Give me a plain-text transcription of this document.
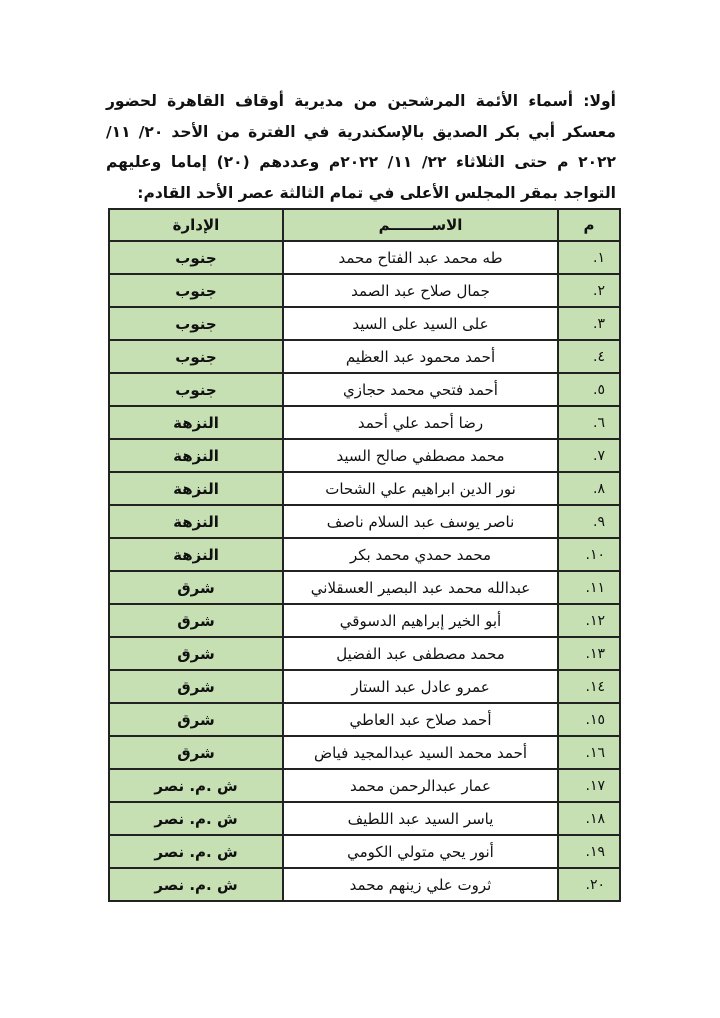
أولا: أسماء الأئمة المرشحين من مديرية أوقاف القاهرة لحضور معسكر أبي بكر الصديق بالإسكندرية في الفترة من الأحد ٢٠/ ١١/ ٢٠٢٢ م حتى الثلاثاء ٢٢/ ١١/ ٢٠٢٢م وعددهم (٢٠) إماما وعليهم التواجد بمقر المجلس الأعلى في تمام الثالثة عصر الأحد القادم:

م	الاســــــــم	الإدارة
١.	طه محمد عبد الفتاح محمد	جنوب
٢.	جمال صلاح عبد الصمد	جنوب
٣.	على السيد على السيد	جنوب
٤.	أحمد محمود عبد العظيم	جنوب
٥.	أحمد فتحي محمد حجازي	جنوب
٦.	رضا أحمد علي أحمد	النزهة
٧.	محمد مصطفي صالح السيد	النزهة
٨.	نور الدين ابراهيم علي الشحات	النزهة
٩.	ناصر يوسف عبد السلام ناصف	النزهة
١٠.	محمد حمدي محمد بكر	النزهة
١١.	عبدالله محمد عبد البصير العسقلاني	شرق
١٢.	أبو الخير إبراهيم الدسوقي	شرق
١٣.	محمد مصطفى عبد الفضيل	شرق
١٤.	عمرو عادل عبد الستار	شرق
١٥.	أحمد صلاح عبد العاطي	شرق
١٦.	أحمد محمد السيد عبدالمجيد فياض	شرق
١٧.	عمار عبدالرحمن محمد	ش .م. نصر
١٨.	ياسر السيد عبد اللطيف	ش .م. نصر
١٩.	أنور يحي متولي الكومي	ش .م. نصر
٢٠.	ثروت علي زينهم محمد	ش .م. نصر
